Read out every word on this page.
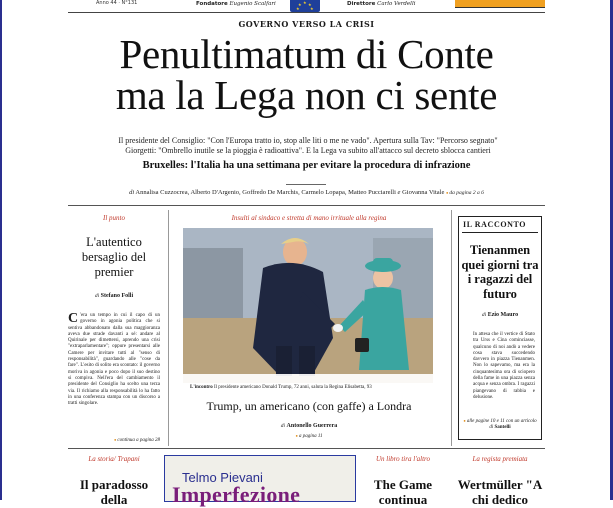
Anno 44 · N°131	Fondatore Eugenio Scalfari	★
★ ★
★	★
Direttore Carlo Verdelli
GOVERNO VERSO LA CRISI
Penultimatum di Conte
ma la Lega non ci sente
Il presidente del Consiglio: "Con l'Europa tratto io, stop alle liti o me ne vado". Apertura sulla Tav: "Percorso segnato"
Giorgetti: "Ombrello inutile se la pioggia è radioattiva". E la Lega va subito all'attacco sul decreto sblocca cantieri
Bruxelles: l'Italia ha una settimana per evitare la procedura di infrazione
di Annalisa Cuzzocrea, Alberto D'Argenio, Goffredo De Marchis, Carmelo Lopapa, Matteo Pucciarelli e Giovanna Vitale ● da pagina 2 a 6
Il punto
L'autentico bersaglio del premier
di Stefano Folli
C 'era un tempo in cui il capo di un governo in agonia politica che si sentiva abbandonato dalla sua maggioranza aveva due strade davanti a sé: andare al Quirinale per dimettersi, aprendo una crisi "extraparlamentare"; oppure presentarsi alle Camere per invitare tutti al "senso di responsabilità", guardando alle "cose da fare". L'esito di solito era scontato: il governo moriva in agonia e poco dopo il suo destino si compiva. Nell'era del cambiamento il presidente del Consiglio ha scelto una terza via. Il richiamo alla responsabilità lo ha fatto in una conferenza stampa con un discorso a tratti singolare.
● continua a pagina 28
Insulti al sindaco e stretta di mano irrituale alla regina
L'incontro Il presidente americano Donald Trump, 72 anni, saluta la Regina Elisabetta, 93
Trump, un americano (con gaffe) a Londra
di Antonello Guerrera
● a pagina 11
IL RACCONTO
Tienanmen quei giorni tra i ragazzi del futuro
di Ezio Mauro
In attesa che il vertice di Stato tra Urss e Cina cominciasse, qualcuno di noi andò a vedere cosa stava succedendo davvero in piazza Tienanmen. Non lo sapevamo, ma era la cinquantesima ora di sciopero della fame in una piazza senza acqua e senza ombra. I ragazzi piangevano di rabbia e delusione.
● alle pagine 10 e 11 con un articolo di Santelli
La storia/ Trapani
Il paradosso della
Telmo Pievani
Imperfezione
Un libro tira l'altro
The Game continua
La regista premiata
Wertmüller "A chi dedico
